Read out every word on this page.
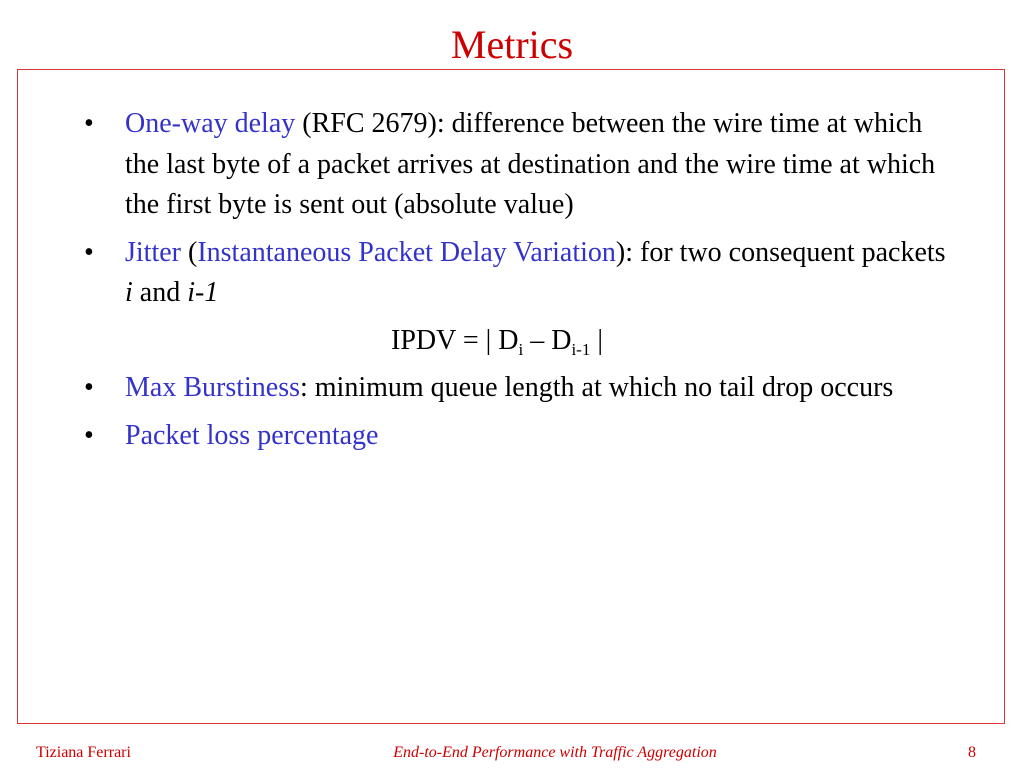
Metrics
•	One-way delay (RFC 2679): difference between the wire time at which the last byte of a packet arrives at destination and the wire time at which the first byte is sent out (absolute value)
•	Jitter (Instantaneous Packet Delay Variation): for two consequent packets i and i-1
IPDV = | $D_i - D_{i-1}$ |
•	Max Burstiness: minimum queue length at which no tail drop occurs
•	Packet loss percentage
Tiziana Ferrari	End-to-End Performance with Traffic Aggregation	8
